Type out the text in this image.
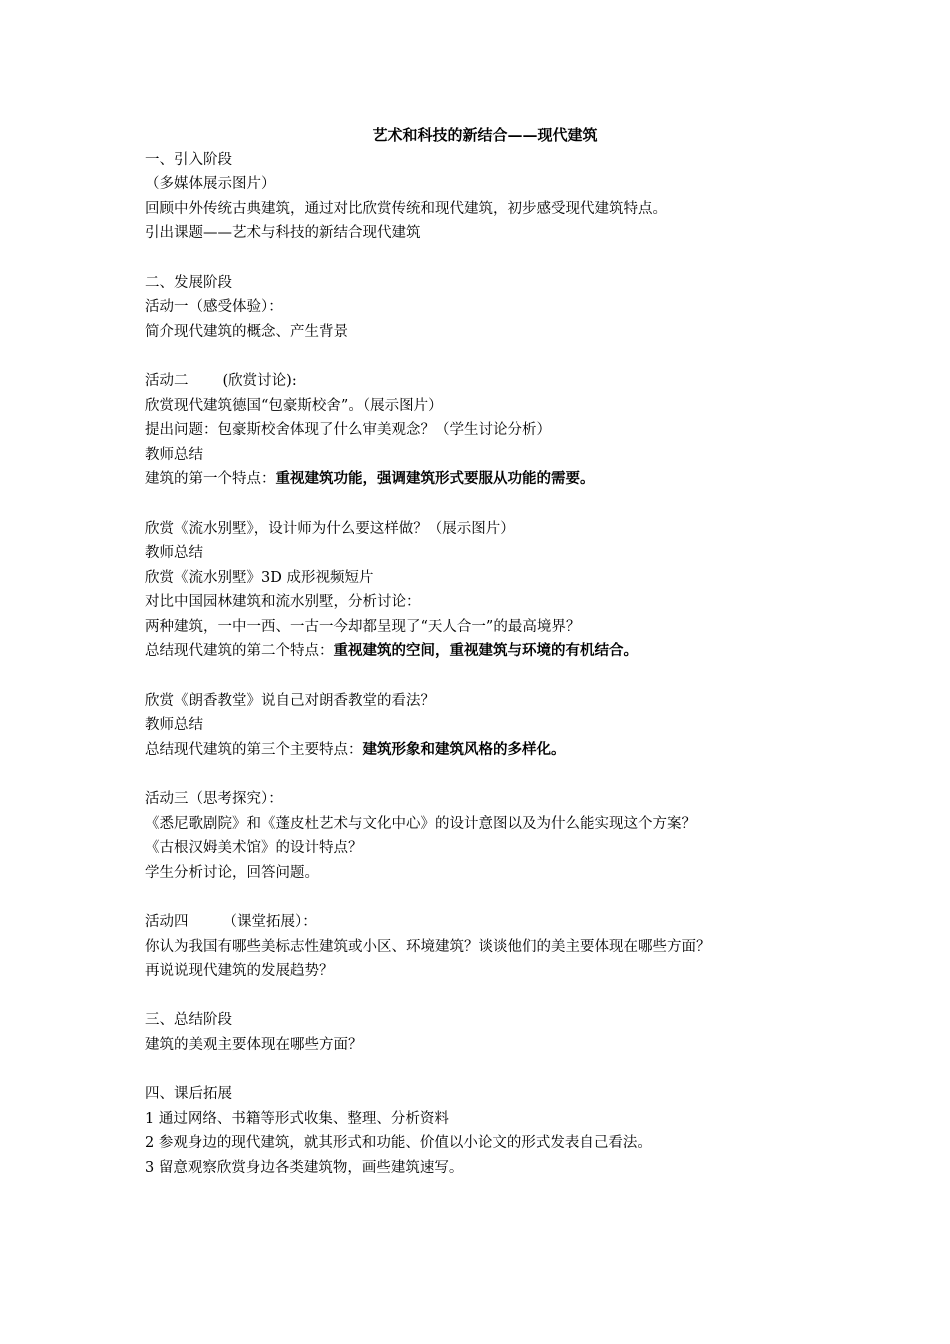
艺术和科技的新结合——现代建筑
一、引入阶段
（多媒体展示图片）
回顾中外传统古典建筑，通过对比欣赏传统和现代建筑，初步感受现代建筑特点。
引出课题——艺术与科技的新结合现代建筑
二、发展阶段
活动一（感受体验）：
简介现代建筑的概念、产生背景
活动二 (欣赏讨论):
欣赏现代建筑德国“包豪斯校舍”。（展示图片）
提出问题：包豪斯校舍体现了什么审美观念？（学生讨论分析）
教师总结
建筑的第一个特点：重视建筑功能，强调建筑形式要服从功能的需要。
欣赏《流水别墅》，设计师为什么要这样做？（展示图片）
教师总结
欣赏《流水别墅》3D 成形视频短片
对比中国园林建筑和流水别墅，分析讨论：
两种建筑，一中一西、一古一今却都呈现了“天人合一”的最高境界？
总结现代建筑的第二个特点：重视建筑的空间，重视建筑与环境的有机结合。
欣赏《朗香教堂》说自己对朗香教堂的看法？
教师总结
总结现代建筑的第三个主要特点：建筑形象和建筑风格的多样化。
活动三（思考探究）：
《悉尼歌剧院》和《蓬皮杜艺术与文化中心》的设计意图以及为什么能实现这个方案？
《古根汉姆美术馆》的设计特点？
学生分析讨论，回答问题。
活动四 （课堂拓展）：
你认为我国有哪些美标志性建筑或小区、环境建筑？谈谈他们的美主要体现在哪些方面？
再说说现代建筑的发展趋势？
三、总结阶段
建筑的美观主要体现在哪些方面？
四、课后拓展
1 通过网络、书籍等形式收集、整理、分析资料
2 参观身边的现代建筑，就其形式和功能、价值以小论文的形式发表自己看法。
3 留意观察欣赏身边各类建筑物，画些建筑速写。
